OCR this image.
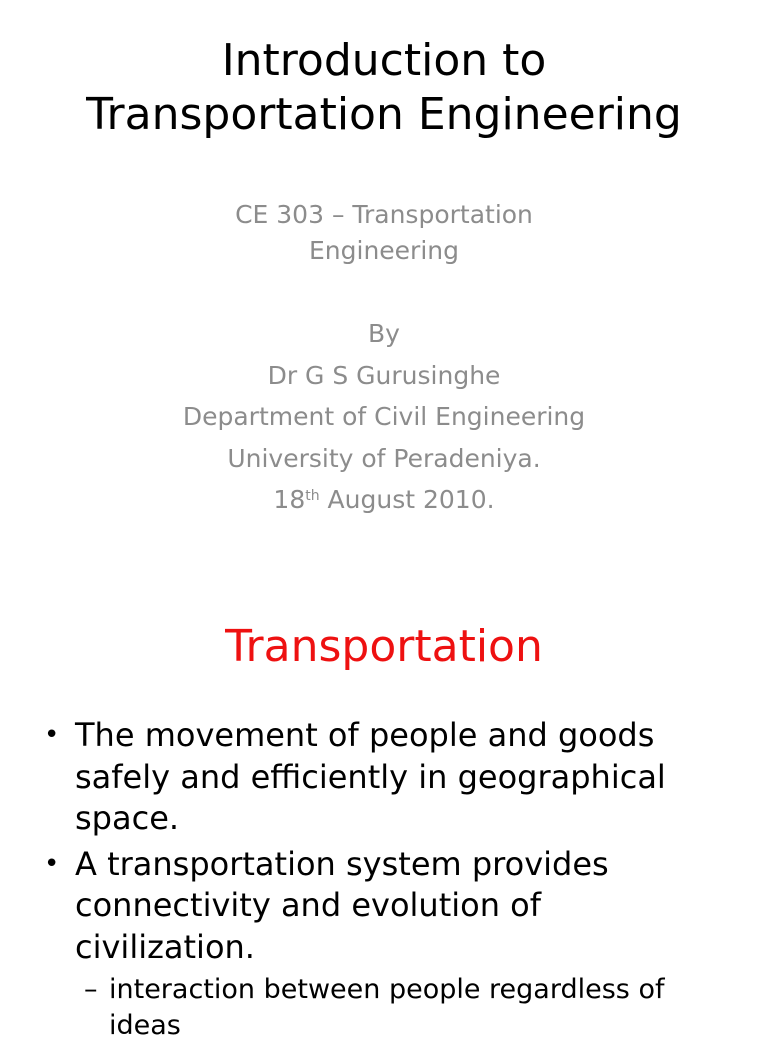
Introduction to
Transportation Engineering
CE 303 – Transportation
Engineering
By
Dr G S Gurusinghe
Department of Civil Engineering
University of Peradeniya.
18th August 2010.
Transportation
• The movement of people and goods safely and efficiently in geographical space.
• A transportation system provides connectivity and evolution of civilization.
– interaction between people regardless of ideas
